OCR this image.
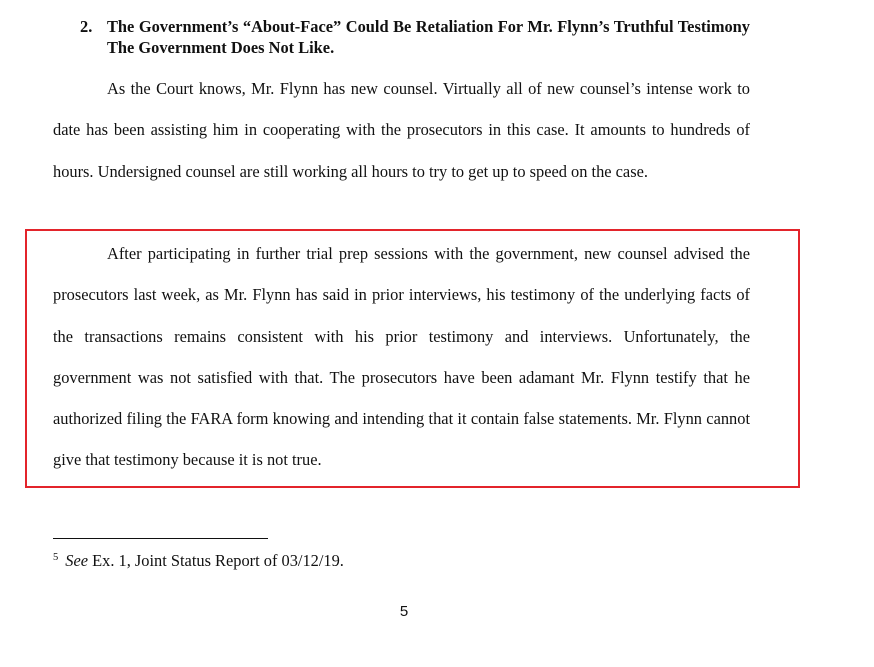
2. The Government’s “About-Face” Could Be Retaliation For Mr. Flynn’s Truthful Testimony The Government Does Not Like.

As the Court knows, Mr. Flynn has new counsel. Virtually all of new counsel’s intense work to date has been assisting him in cooperating with the prosecutors in this case. It amounts to hundreds of hours. Undersigned counsel are still working all hours to try to get up to speed on the case.

After participating in further trial prep sessions with the government, new counsel advised the prosecutors last week, as Mr. Flynn has said in prior interviews, his testimony of the underlying facts of the transactions remains consistent with his prior testimony and interviews. Unfortunately, the government was not satisfied with that. The prosecutors have been adamant Mr. Flynn testify that he authorized filing the FARA form knowing and intending that it contain false statements. Mr. Flynn cannot give that testimony because it is not true.

$^5$ See Ex. 1, Joint Status Report of 03/12/19.
5
